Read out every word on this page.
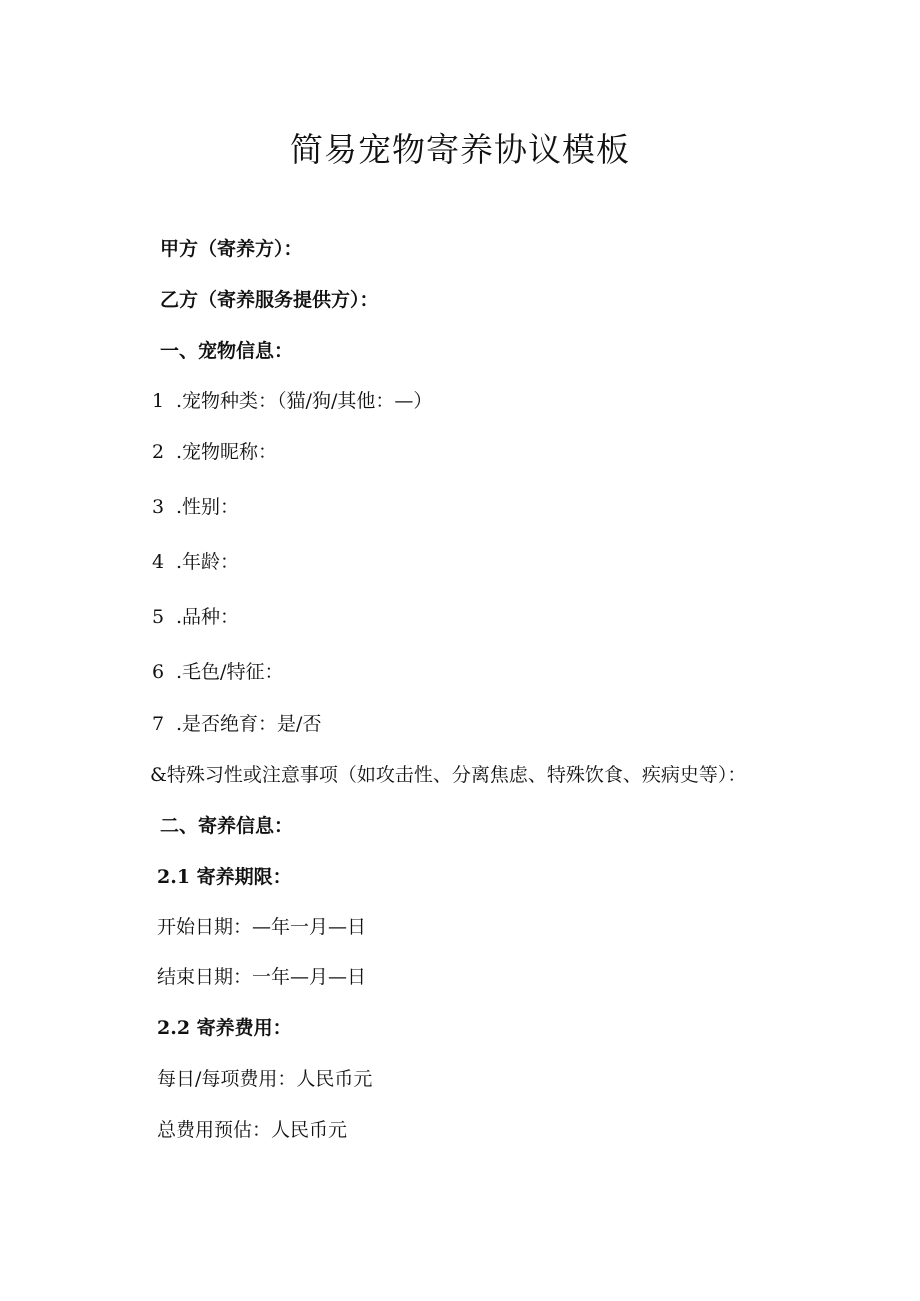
简易宠物寄养协议模板
甲方（寄养方）：
乙方（寄养服务提供方）：
一、宠物信息：
1 .宠物种类：（猫/狗/其他：—）
2 .宠物昵称：
3 .性别：
4 .年龄：
5 .品种：
6 .毛色/特征：
7 .是否绝育：是/否
&特殊习性或注意事项（如攻击性、分离焦虑、特殊饮食、疾病史等）：
二、寄养信息：
2.1 寄养期限：
开始日期：—年一月—日
结束日期：一年—月—日
2.2 寄养费用：
每日/每项费用：人民币元
总费用预估：人民币元
